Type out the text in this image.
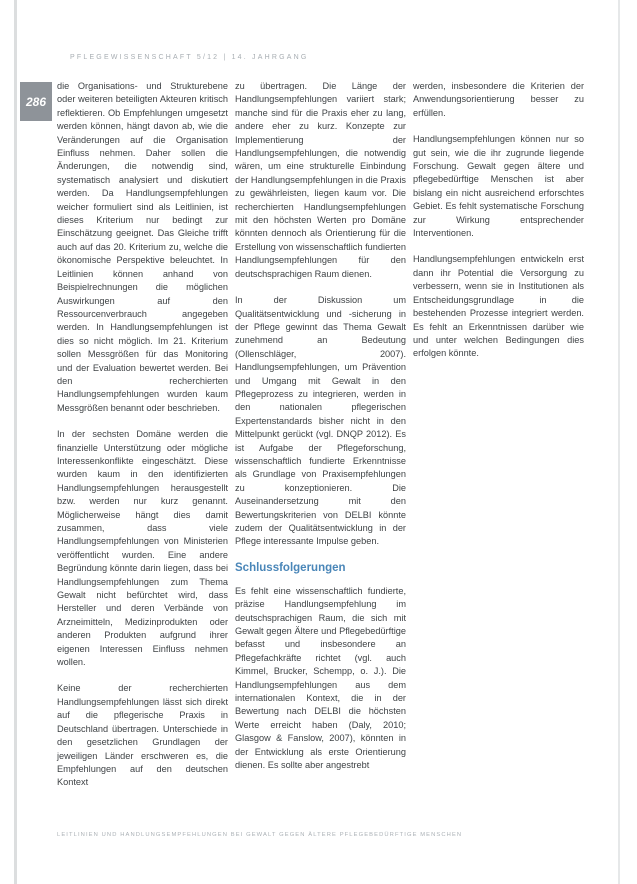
286
PFLEGEWISSENSCHAFT 5/12 | 14. JAHRGANG

die Organisations- und Strukturebene oder weiteren beteiligten Akteuren kritisch reflektieren. Ob Empfehlungen umgesetzt werden können, hängt davon ab, wie die Veränderungen auf die Organisation Einfluss nehmen. Daher sollen die Änderungen, die notwendig sind, systematisch analysiert und diskutiert werden. Da Handlungsempfehlungen weicher formuliert sind als Leitlinien, ist dieses Kriterium nur bedingt zur Einschätzung geeignet. Das Gleiche trifft auch auf das 20. Kriterium zu, welche die ökonomische Perspektive beleuchtet. In Leitlinien können anhand von Beispielrechnungen die möglichen Auswirkungen auf den Ressourcenverbrauch angegeben werden. In Handlungsempfehlungen ist dies so nicht möglich. Im 21. Kriterium sollen Messgrößen für das Monitoring und der Evaluation bewertet werden. Bei den recherchierten Handlungsempfehlungen wurden kaum Messgrößen benannt oder beschrieben.

In der sechsten Domäne werden die finanzielle Unterstützung oder mögliche Interessenkonflikte eingeschätzt. Diese wurden kaum in den identifizierten Handlungsempfehlungen herausgestellt bzw. werden nur kurz genannt. Möglicherweise hängt dies damit zusammen, dass viele Handlungsempfehlungen von Ministerien veröffentlicht wurden. Eine andere Begründung könnte darin liegen, dass bei Handlungsempfehlungen zum Thema Gewalt nicht befürchtet wird, dass Hersteller und deren Verbände von Arzneimitteln, Medizinprodukten oder anderen Produkten aufgrund ihrer eigenen Interessen Einfluss nehmen wollen.

Keine der recherchierten Handlungsempfehlungen lässt sich direkt auf die pflegerische Praxis in Deutschland übertragen. Unterschiede in den gesetzlichen Grundlagen der jeweiligen Länder erschweren es, die Empfehlungen auf den deutschen Kontext

zu übertragen. Die Länge der Handlungsempfehlungen variiert stark; manche sind für die Praxis eher zu lang, andere eher zu kurz. Konzepte zur Implementierung der Handlungsempfehlungen, die notwendig wären, um eine strukturelle Einbindung der Handlungsempfehlungen in die Praxis zu gewährleisten, liegen kaum vor. Die recherchierten Handlungsempfehlungen mit den höchsten Werten pro Domäne könnten dennoch als Orientierung für die Erstellung von wissenschaftlich fundierten Handlungsempfehlungen für den deutschsprachigen Raum dienen.

In der Diskussion um Qualitätsentwicklung und -sicherung in der Pflege gewinnt das Thema Gewalt zunehmend an Bedeutung (Ollenschläger, 2007). Handlungsempfehlungen, um Prävention und Umgang mit Gewalt in den Pflegeprozess zu integrieren, werden in den nationalen pflegerischen Expertenstandards bisher nicht in den Mittelpunkt gerückt (vgl. DNQP 2012). Es ist Aufgabe der Pflegeforschung, wissenschaftlich fundierte Erkenntnisse als Grundlage von Praxisempfehlungen zu konzeptionieren. Die Auseinandersetzung mit den Bewertungskriterien von DELBI könnte zudem der Qualitätsentwicklung in der Pflege interessante Impulse geben.

Schlussfolgerungen

Es fehlt eine wissenschaftlich fundierte, präzise Handlungsempfehlung im deutschsprachigen Raum, die sich mit Gewalt gegen Ältere und Pflegebedürftige befasst und insbesondere an Pflegefachkräfte richtet (vgl. auch Kimmel, Brucker, Schempp, o. J.). Die Handlungsempfehlungen aus dem internationalen Kontext, die in der Bewertung nach DELBI die höchsten Werte erreicht haben (Daly, 2010; Glasgow & Fanslow, 2007), könnten in der Entwicklung als erste Orientierung dienen. Es sollte aber angestrebt

werden, insbesondere die Kriterien der Anwendungsorientierung besser zu erfüllen.

Handlungsempfehlungen können nur so gut sein, wie die ihr zugrunde liegende Forschung. Gewalt gegen ältere und pflegebedürftige Menschen ist aber bislang ein nicht ausreichend erforschtes Gebiet. Es fehlt systematische Forschung zur Wirkung entsprechender Interventionen.

Handlungsempfehlungen entwickeln erst dann ihr Potential die Versorgung zu verbessern, wenn sie in Institutionen als Entscheidungsgrundlage in die bestehenden Prozesse integriert werden. Es fehlt an Erkenntnissen darüber wie und unter welchen Bedingungen dies erfolgen könnte.

LEITLINIEN UND HANDLUNGSEMPFEHLUNGEN BEI GEWALT GEGEN ÄLTERE PFLEGEBEDÜRFTIGE MENSCHEN
